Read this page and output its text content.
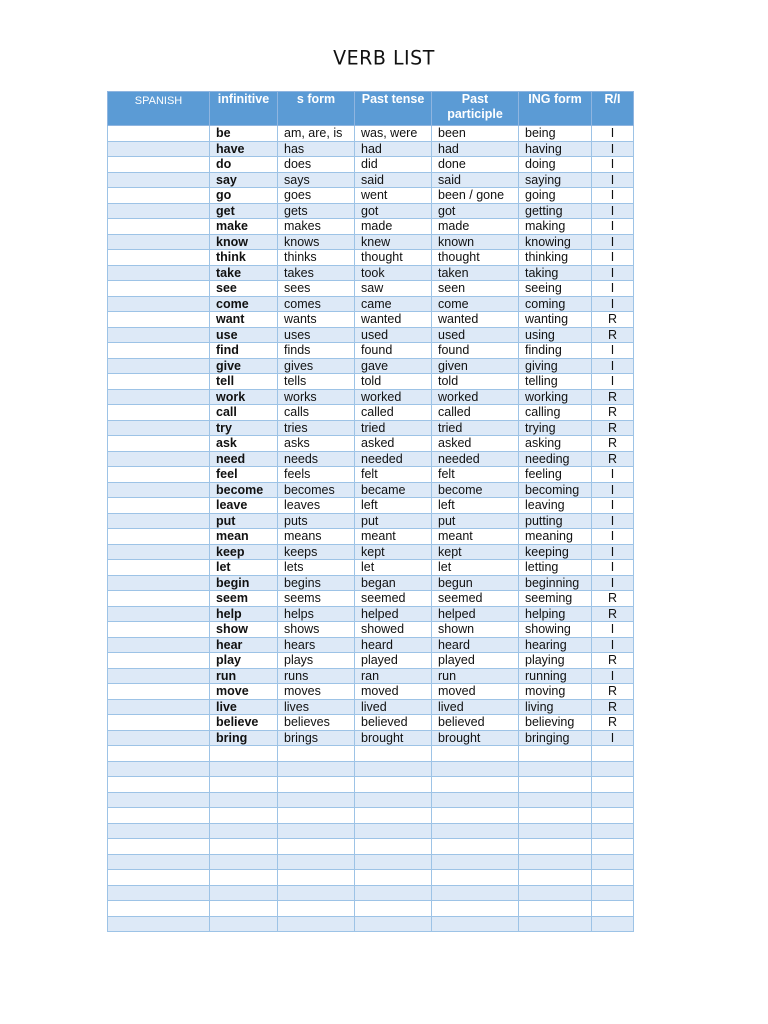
VERB LIST
SPANISH	infinitive	s form	Past tense	Past participle	ING form	R/I
	be	am, are, is	was, were	been	being	I
	have	has	had	had	having	I
	do	does	did	done	doing	I
	say	says	said	said	saying	I
	go	goes	went	been / gone	going	I
	get	gets	got	got	getting	I
	make	makes	made	made	making	I
	know	knows	knew	known	knowing	I
	think	thinks	thought	thought	thinking	I
	take	takes	took	taken	taking	I
	see	sees	saw	seen	seeing	I
	come	comes	came	come	coming	I
	want	wants	wanted	wanted	wanting	R
	use	uses	used	used	using	R
	find	finds	found	found	finding	I
	give	gives	gave	given	giving	I
	tell	tells	told	told	telling	I
	work	works	worked	worked	working	R
	call	calls	called	called	calling	R
	try	tries	tried	tried	trying	R
	ask	asks	asked	asked	asking	R
	need	needs	needed	needed	needing	R
	feel	feels	felt	felt	feeling	I
	become	becomes	became	become	becoming	I
	leave	leaves	left	left	leaving	I
	put	puts	put	put	putting	I
	mean	means	meant	meant	meaning	I
	keep	keeps	kept	kept	keeping	I
	let	lets	let	let	letting	I
	begin	begins	began	begun	beginning	I
	seem	seems	seemed	seemed	seeming	R
	help	helps	helped	helped	helping	R
	show	shows	showed	shown	showing	I
	hear	hears	heard	heard	hearing	I
	play	plays	played	played	playing	R
	run	runs	ran	run	running	I
	move	moves	moved	moved	moving	R
	live	lives	lived	lived	living	R
	believe	believes	believed	believed	believing	R
	bring	brings	brought	brought	bringing	I
